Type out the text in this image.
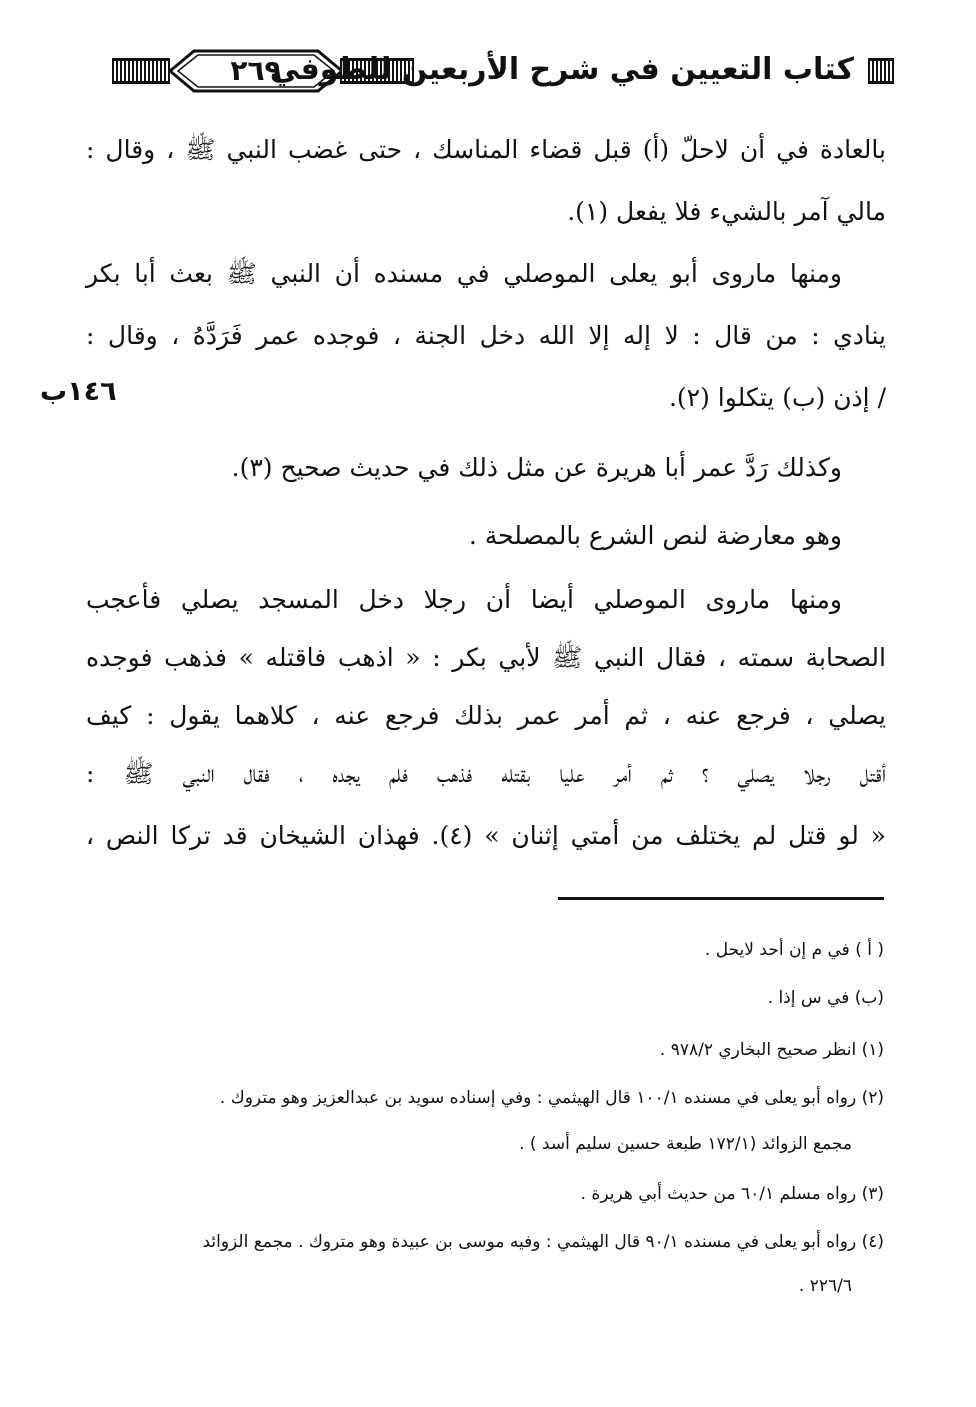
٢٦٩
كتاب التعيين في شرح الأربعين للطوفي
١٤٦ب
بالعادة في أن لاحلّ (أ) قبل قضاء المناسك ، حتى غضب النبي ﷺ ، وقال :
مالي آمر بالشيء فلا يفعل (١).
ومنها ماروى أبو يعلى الموصلي في مسنده أن النبي ﷺ بعث أبا بكر
ينادي : من قال : لا إله إلا الله دخل الجنة ، فوجده عمر فَرَدَّهُ ، وقال :
/ إذن (ب) يتكلوا (٢).
وكذلك رَدَّ عمر أبا هريرة عن مثل ذلك في حديث صحيح (٣).
وهو معارضة لنص الشرع بالمصلحة .
ومنها ماروى الموصلي أيضا أن رجلا دخل المسجد يصلي فأعجب
الصحابة سمته ، فقال النبي ﷺ لأبي بكر : « اذهب فاقتله » فذهب فوجده
يصلي ، فرجع عنه ، ثم أمر عمر بذلك فرجع عنه ، كلاهما يقول : كيف
أقتل رجلا يصلي ؟ ثم أمر عليا بقتله فذهب فلم يجده ، فقال النبي ﷺ :
« لو قتل لم يختلف من أمتي إثنان » (٤). فهذان الشيخان قد تركا النص ،
( أ ) في م إن أحد لايحل .
(ب) في س إذا .
(١) انظر صحيح البخاري ٩٧٨/٢ .
(٢) رواه أبو يعلى في مسنده ١٠٠/١ قال الهيثمي : وفي إسناده سويد بن عبدالعزيز وهو متروك .
مجمع الزوائد (١٧٢/١ طبعة حسين سليم أسد ) .
(٣) رواه مسلم ٦٠/١ من حديث أبي هريرة .
(٤) رواه أبو يعلى في مسنده ٩٠/١ قال الهيثمي : وفيه موسى بن عبيدة وهو متروك . مجمع الزوائد
٢٢٦/٦ .
